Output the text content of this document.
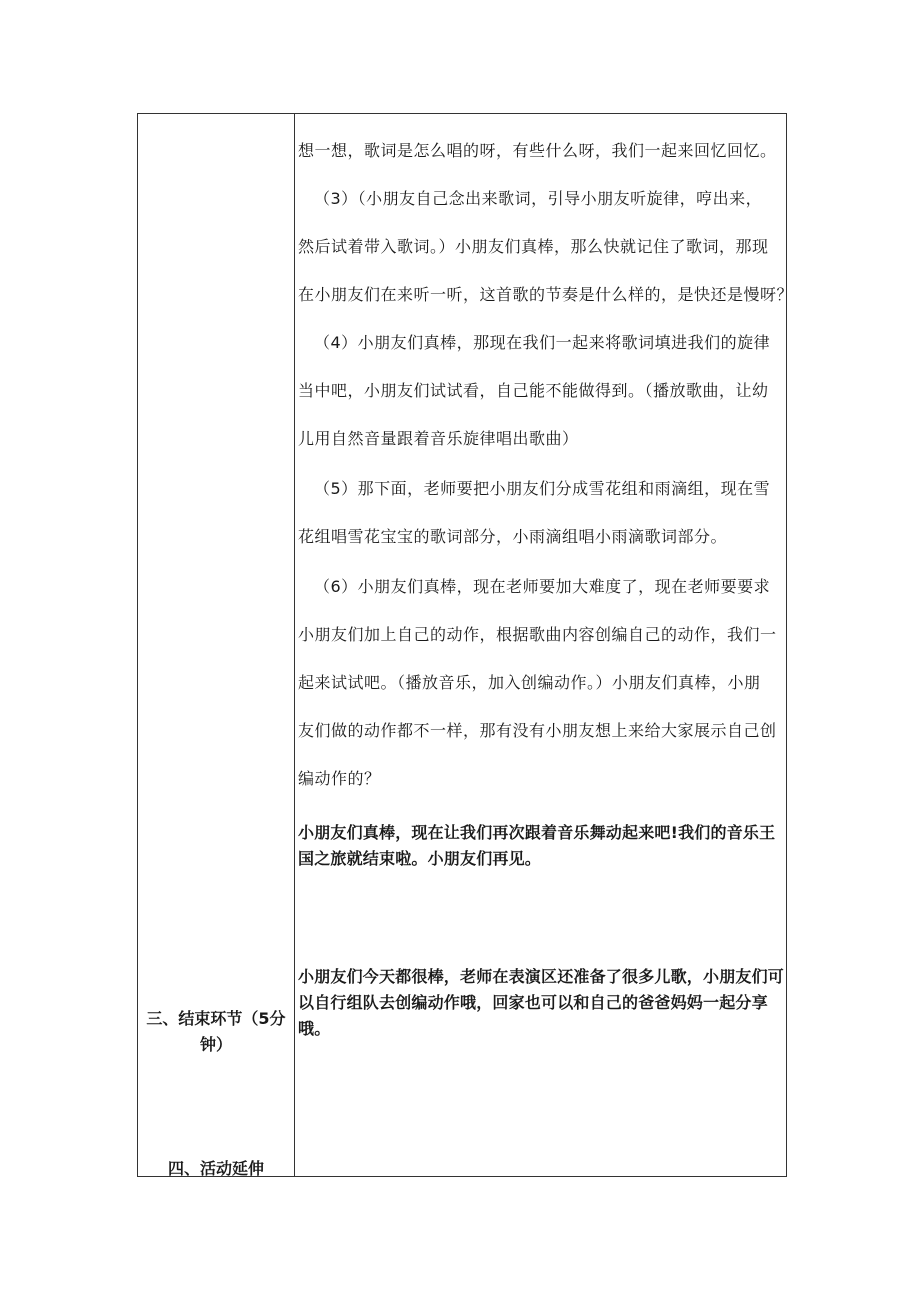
想一想，歌词是怎么唱的呀，有些什么呀，我们一起来回忆回忆。

（3）（小朋友自己念出来歌词，引导小朋友听旋律，哼出来，

然后试着带入歌词。）小朋友们真棒，那么快就记住了歌词，那现

在小朋友们在来听一听，这首歌的节奏是什么样的，是快还是慢呀？

（4）小朋友们真棒，那现在我们一起来将歌词填进我们的旋律

当中吧，小朋友们试试看，自己能不能做得到。（播放歌曲，让幼

儿用自然音量跟着音乐旋律唱出歌曲）

（5）那下面，老师要把小朋友们分成雪花组和雨滴组，现在雪

花组唱雪花宝宝的歌词部分，小雨滴组唱小雨滴歌词部分。

（6）小朋友们真棒，现在老师要加大难度了，现在老师要要求

小朋友们加上自己的动作，根据歌曲内容创编自己的动作，我们一

起来试试吧。（播放音乐，加入创编动作。）小朋友们真棒，小朋

友们做的动作都不一样，那有没有小朋友想上来给大家展示自己创

编动作的？

小朋友们真棒，现在让我们再次跟着音乐舞动起来吧!我们的音乐王国之旅就结束啦。小朋友们再见。

小朋友们今天都很棒，老师在表演区还准备了很多儿歌，小朋友们可以自行组队去创编动作哦，回家也可以和自己的爸爸妈妈一起分享哦。

三、结束环节（5分钟）

四、活动延伸
